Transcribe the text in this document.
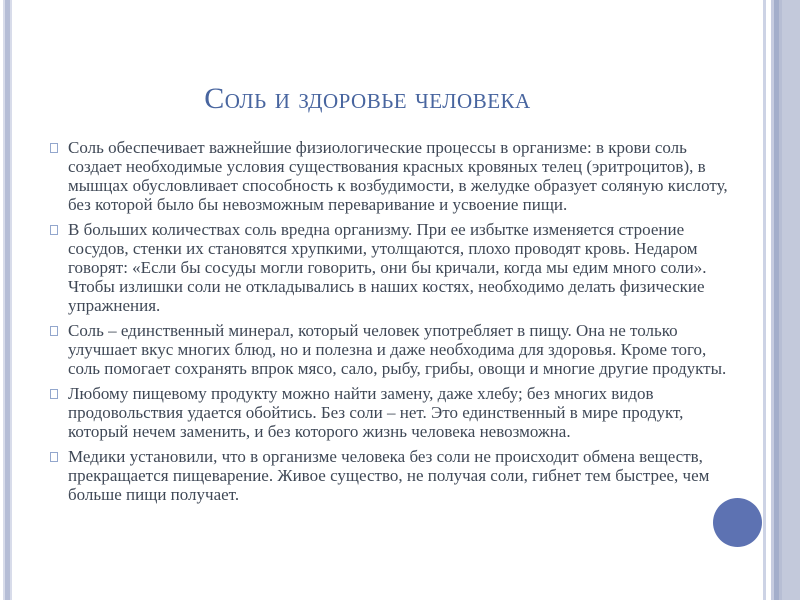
Соль и здоровье человека

Соль обеспечивает важнейшие физиологические процессы в организме: в крови соль создает необходимые условия существования красных кровяных телец (эритроцитов), в мышцах обусловливает способность к возбудимости, в желудке образует соляную кислоту, без которой было бы невозможным переваривание и усвоение пищи.

В больших количествах соль вредна организму. При ее избытке изменяется строение сосудов, стенки их становятся хрупкими, утолщаются, плохо проводят кровь. Недаром говорят: «Если бы сосуды могли говорить, они бы кричали, когда мы едим много соли». Чтобы излишки соли не откладывались в наших костях, необходимо делать физические упражнения.

Соль – единственный минерал, который человек употребляет в пищу. Она не только улучшает вкус многих блюд, но и полезна и даже необходима для здоровья. Кроме того, соль помогает сохранять впрок мясо, сало, рыбу, грибы, овощи и многие другие продукты.

Любому пищевому продукту можно найти замену, даже хлебу; без многих видов продовольствия удается обойтись. Без соли – нет. Это единственный в мире продукт, который нечем заменить, и без которого жизнь человека невозможна.

Медики установили, что в организме человека без соли не происходит обмена веществ, прекращается пищеварение. Живое существо, не получая соли, гибнет тем быстрее, чем больше пищи получает.
